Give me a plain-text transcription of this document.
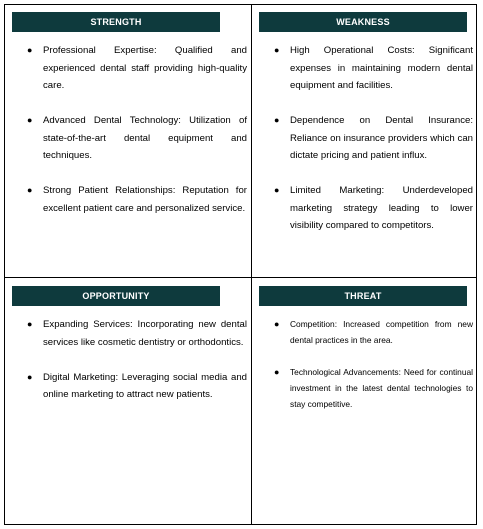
STRENGTH
● Professional Expertise: Qualified and experienced dental staff providing high-quality care.
● Advanced Dental Technology: Utilization of state-of-the-art dental equipment and techniques.
● Strong Patient Relationships: Reputation for excellent patient care and personalized service.
WEAKNESS
● High Operational Costs: Significant expenses in maintaining modern dental equipment and facilities.
● Dependence on Dental Insurance: Reliance on insurance providers which can dictate pricing and patient influx.
● Limited Marketing: Underdeveloped marketing strategy leading to lower visibility compared to competitors.
OPPORTUNITY
● Expanding Services: Incorporating new dental services like cosmetic dentistry or orthodontics.
● Digital Marketing: Leveraging social media and online marketing to attract new patients.
THREAT
● Competition: Increased competition from new dental practices in the area.
● Technological Advancements: Need for continual investment in the latest dental technologies to stay competitive.
